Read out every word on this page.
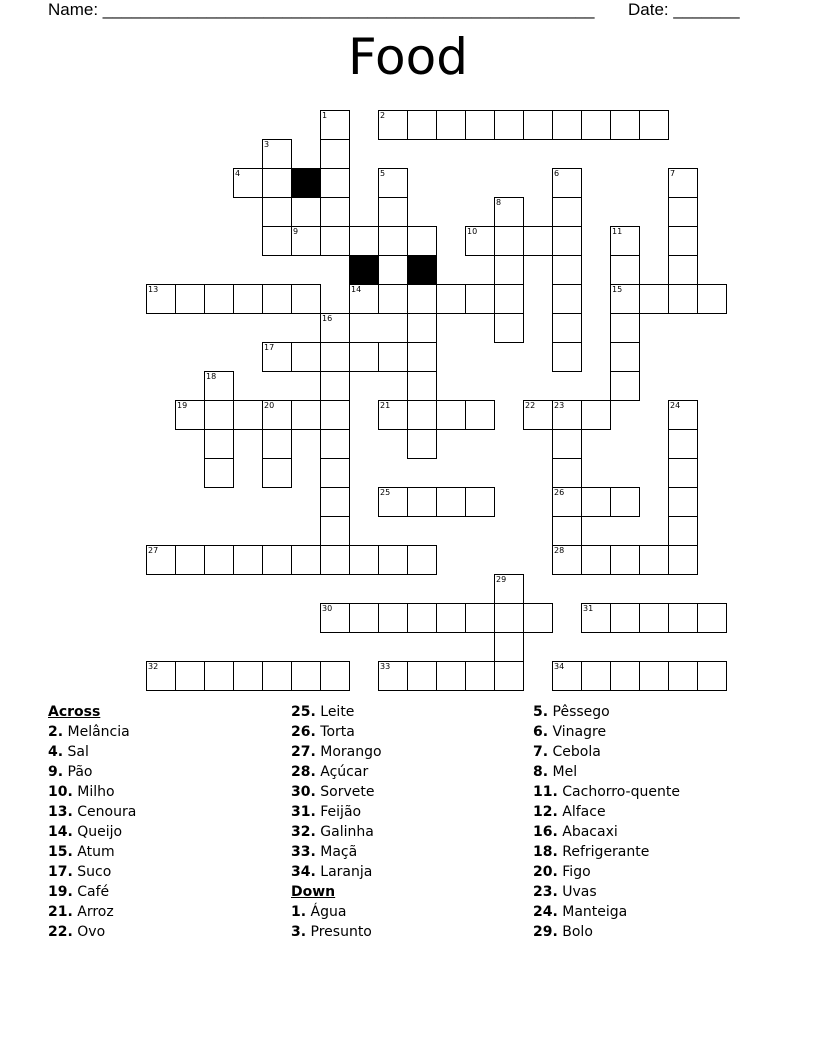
Name: ____________________________________________________ Date: _______
Food
2
4
9	10
13	14	15
17
19	20	21	22 23
25	26
27	28
30	31
32	33	34
1
3
5	6	7
8
11
16
18
24
29
Across
2. Melância
4. Sal
9. Pão
10. Milho
13. Cenoura
14. Queijo
15. Atum
17. Suco
19. Café
21. Arroz
22. Ovo
25. Leite
26. Torta
27. Morango
28. Açúcar
30. Sorvete
31. Feijão
32. Galinha
33. Maçã
34. Laranja
Down
1. Água
3. Presunto
5. Pêssego
6. Vinagre
7. Cebola
8. Mel
11. Cachorro-quente
12. Alface
16. Abacaxi
18. Refrigerante
20. Figo
23. Uvas
24. Manteiga
29. Bolo
